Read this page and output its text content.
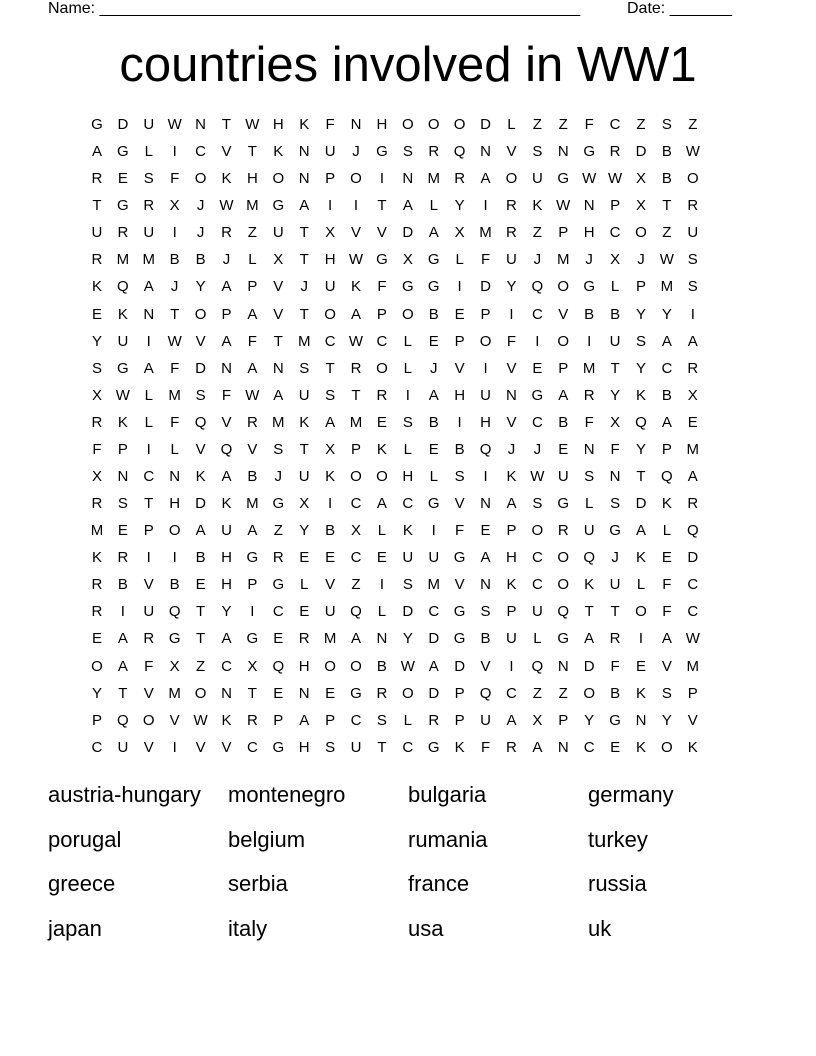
Name: ______________________________________________________	Date: _______
countries involved in WW1
G D	U W N	T W H	K	F	N	H O O O D	L	Z	Z	F	C	Z	S	Z
A	G	L	I	C	V	T	K	N	U	J	G	S	R Q N	V	S	N G R	D	B W
R	E	S	F	O	K	H O N	P	O	I	N M R	A	O U G W W X	B	O
T	G R	X	J	W M G	A	I	I	T	A	L	Y	I	R	K W N	P	X	T	R
U	R	U	I	J	R	Z	U	T	X	V	V	D	A	X M R	Z	P	H	C O	Z	U
R M M B	B	J	L	X	T	H W G	X	G	L	F	U	J	M	J	X	J	W S
K	Q	A	J	Y	A	P	V	J	U	K	F	G G	I	D	Y	Q O G	L	P M S
E	K	N	T	O	P	A	V	T	O	A	P	O	B	E	P	I	C	V	B	B	Y	Y	I
Y	U	I	W V	A	F	T	M C W C	L	E	P	O	F	I	O	I	U	S	A	A
S	G	A	F	D	N	A	N	S	T	R O	L	J	V	I	V	E	P M	T	Y	C	R
X W L	M S	F W A	U	S	T	R	I	A	H	U	N G	A	R	Y	K	B	X
R	K	L	F	Q	V	R M K	A M E	S	B	I	H	V	C	B	F	X	Q	A	E
F	P	I	L	V	Q	V	S	T	X	P	K	L	E	B	Q	J	J	E	N	F	Y	P M
X	N	C	N	K	A	B	J	U	K	O O H	L	S	I	K W U	S	N	T	Q	A
R	S	T	H	D	K M G	X	I	C	A	C G	V	N	A	S	G	L	S	D	K	R
M E	P	O	A	U	A	Z	Y	B	X	L	K	I	F	E	P	O R	U G	A	L	Q
K	R	I	I	B	H G R	E	E	C	E	U	U G	A	H	C O Q	J	K	E	D
R	B	V	B	E	H	P	G	L	V	Z	I	S M V	N	K	C O	K	U	L	F	C
R	I	U Q	T	Y	I	C	E	U Q	L	D	C G	S	P	U Q	T	T	O	F	C
E	A	R G	T	A	G	E	R M A	N	Y	D G	B	U	L	G	A	R	I	A W
O	A	F	X	Z	C	X	Q H O O	B W A	D	V	I	Q N	D	F	E	V M
Y	T	V M O N	T	E	N	E	G R O D	P	Q C	Z	Z	O	B	K	S	P
P	Q O	V W K	R	P	A	P	C	S	L	R	P	U	A	X	P	Y	G N	Y	V
C	U	V	I	V	V	C G H	S	U	T	C G	K	F	R	A	N	C	E	K	O	K
austria-hungary	montenegro	bulgaria	germany
porugal	belgium	rumania	turkey
greece	serbia	france	russia
japan	italy	usa	uk
